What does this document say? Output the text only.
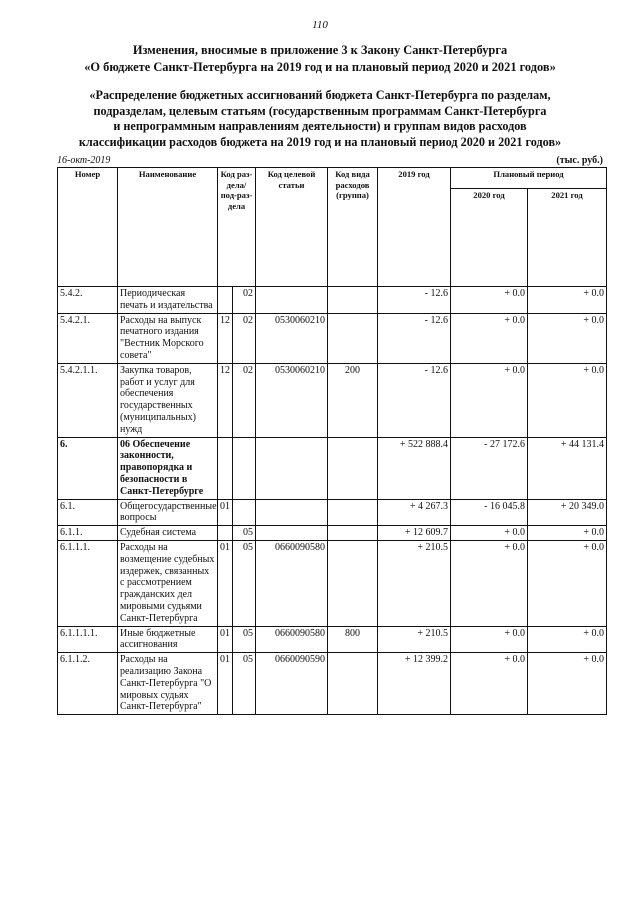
110
Изменения, вносимые в приложение 3 к Закону Санкт-Петербурга
«О бюджете Санкт-Петербурга на 2019 год и на плановый период 2020 и 2021 годов»
«Распределение бюджетных ассигнований бюджета Санкт-Петербурга по разделам,
подразделам, целевым статьям (государственным программам Санкт-Петербурга
и непрограммным направлениям деятельности) и группам видов расходов
классификации расходов бюджета на 2019 год и на плановый период 2020 и 2021 годов»
16-окт-2019	(тыс. руб.)
Номер	Наименование	Код раз-дела/ под-раз-дела		Код целевой статьи	Код вида расходов (группа)	2019 год	Плановый период	
							2020 год	2021 год
5.4.2.	Периодическая печать и издательства		02			- 12.6	+ 0.0	+ 0.0
5.4.2.1.	Расходы на выпуск печатного издания "Вестник Морского совета"	12	02	0530060210		- 12.6	+ 0.0	+ 0.0
5.4.2.1.1.	Закупка товаров, работ и услуг для обеспечения государственных (муниципальных) нужд	12	02	0530060210	200	- 12.6	+ 0.0	+ 0.0
6.	06 Обеспечение законности, правопорядка и безопасности в Санкт-Петербурге					+ 522 888.4	- 27 172.6	+ 44 131.4
6.1.	Общегосударственные вопросы	01				+ 4 267.3	- 16 045.8	+ 20 349.0
6.1.1.	Судебная система		05			+ 12 609.7	+ 0.0	+ 0.0
6.1.1.1.	Расходы на возмещение судебных издержек, связанных с рассмотрением гражданских дел мировыми судьями Санкт-Петербурга	01	05	0660090580		+ 210.5	+ 0.0	+ 0.0
6.1.1.1.1.	Иные бюджетные ассигнования	01	05	0660090580	800	+ 210.5	+ 0.0	+ 0.0
6.1.1.2.	Расходы на реализацию Закона Санкт-Петербурга "О мировых судьях Санкт-Петербурга"	01	05	0660090590		+ 12 399.2	+ 0.0	+ 0.0
